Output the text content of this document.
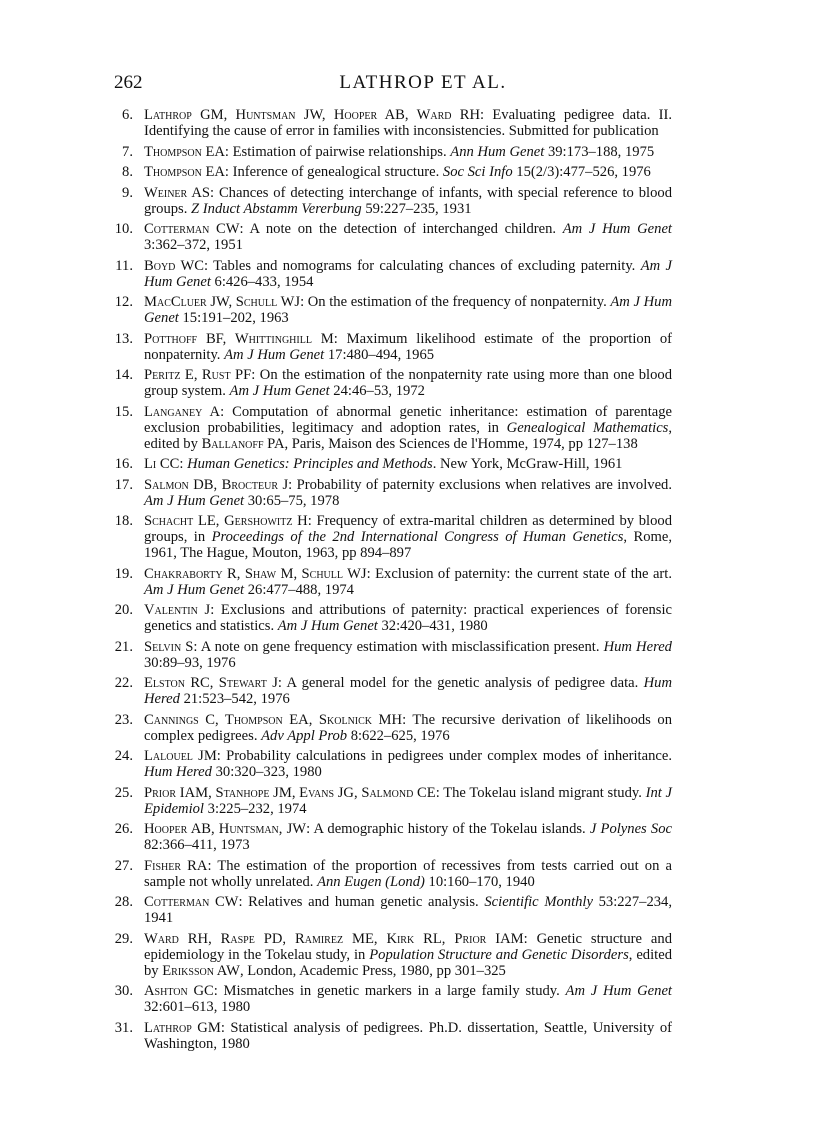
262	LATHROP ET AL.
6. Lathrop GM, Huntsman JW, Hooper AB, Ward RH: Evaluating pedigree data. II. Identifying the cause of error in families with inconsistencies. Submitted for publication
7. Thompson EA: Estimation of pairwise relationships. Ann Hum Genet 39:173–188, 1975
8. Thompson EA: Inference of genealogical structure. Soc Sci Info 15(2/3):477–526, 1976
9. Weiner AS: Chances of detecting interchange of infants, with special reference to blood groups. Z Induct Abstamm Vererbung 59:227–235, 1931
10. Cotterman CW: A note on the detection of interchanged children. Am J Hum Genet 3:362–372, 1951
11. Boyd WC: Tables and nomograms for calculating chances of excluding paternity. Am J Hum Genet 6:426–433, 1954
12. MacCluer JW, Schull WJ: On the estimation of the frequency of nonpaternity. Am J Hum Genet 15:191–202, 1963
13. Potthoff BF, Whittinghill M: Maximum likelihood estimate of the proportion of nonpaternity. Am J Hum Genet 17:480–494, 1965
14. Peritz E, Rust PF: On the estimation of the nonpaternity rate using more than one blood group system. Am J Hum Genet 24:46–53, 1972
15. Langaney A: Computation of abnormal genetic inheritance: estimation of parentage exclusion probabilities, legitimacy and adoption rates, in Genealogical Mathematics, edited by Ballanoff PA, Paris, Maison des Sciences de l'Homme, 1974, pp 127–138
16. Li CC: Human Genetics: Principles and Methods. New York, McGraw-Hill, 1961
17. Salmon DB, Brocteur J: Probability of paternity exclusions when relatives are involved. Am J Hum Genet 30:65–75, 1978
18. Schacht LE, Gershowitz H: Frequency of extra-marital children as determined by blood groups, in Proceedings of the 2nd International Congress of Human Genetics, Rome, 1961, The Hague, Mouton, 1963, pp 894–897
19. Chakraborty R, Shaw M, Schull WJ: Exclusion of paternity: the current state of the art. Am J Hum Genet 26:477–488, 1974
20. Valentin J: Exclusions and attributions of paternity: practical experiences of forensic genetics and statistics. Am J Hum Genet 32:420–431, 1980
21. Selvin S: A note on gene frequency estimation with misclassification present. Hum Hered 30:89–93, 1976
22. Elston RC, Stewart J: A general model for the genetic analysis of pedigree data. Hum Hered 21:523–542, 1976
23. Cannings C, Thompson EA, Skolnick MH: The recursive derivation of likelihoods on complex pedigrees. Adv Appl Prob 8:622–625, 1976
24. Lalouel JM: Probability calculations in pedigrees under complex modes of inheritance. Hum Hered 30:320–323, 1980
25. Prior IAM, Stanhope JM, Evans JG, Salmond CE: The Tokelau island migrant study. Int J Epidemiol 3:225–232, 1974
26. Hooper AB, Huntsman, JW: A demographic history of the Tokelau islands. J Polynes Soc 82:366–411, 1973
27. Fisher RA: The estimation of the proportion of recessives from tests carried out on a sample not wholly unrelated. Ann Eugen (Lond) 10:160–170, 1940
28. Cotterman CW: Relatives and human genetic analysis. Scientific Monthly 53:227–234, 1941
29. Ward RH, Raspe PD, Ramirez ME, Kirk RL, Prior IAM: Genetic structure and epidemiology in the Tokelau study, in Population Structure and Genetic Disorders, edited by Eriksson AW, London, Academic Press, 1980, pp 301–325
30. Ashton GC: Mismatches in genetic markers in a large family study. Am J Hum Genet 32:601–613, 1980
31. Lathrop GM: Statistical analysis of pedigrees. Ph.D. dissertation, Seattle, University of Washington, 1980
